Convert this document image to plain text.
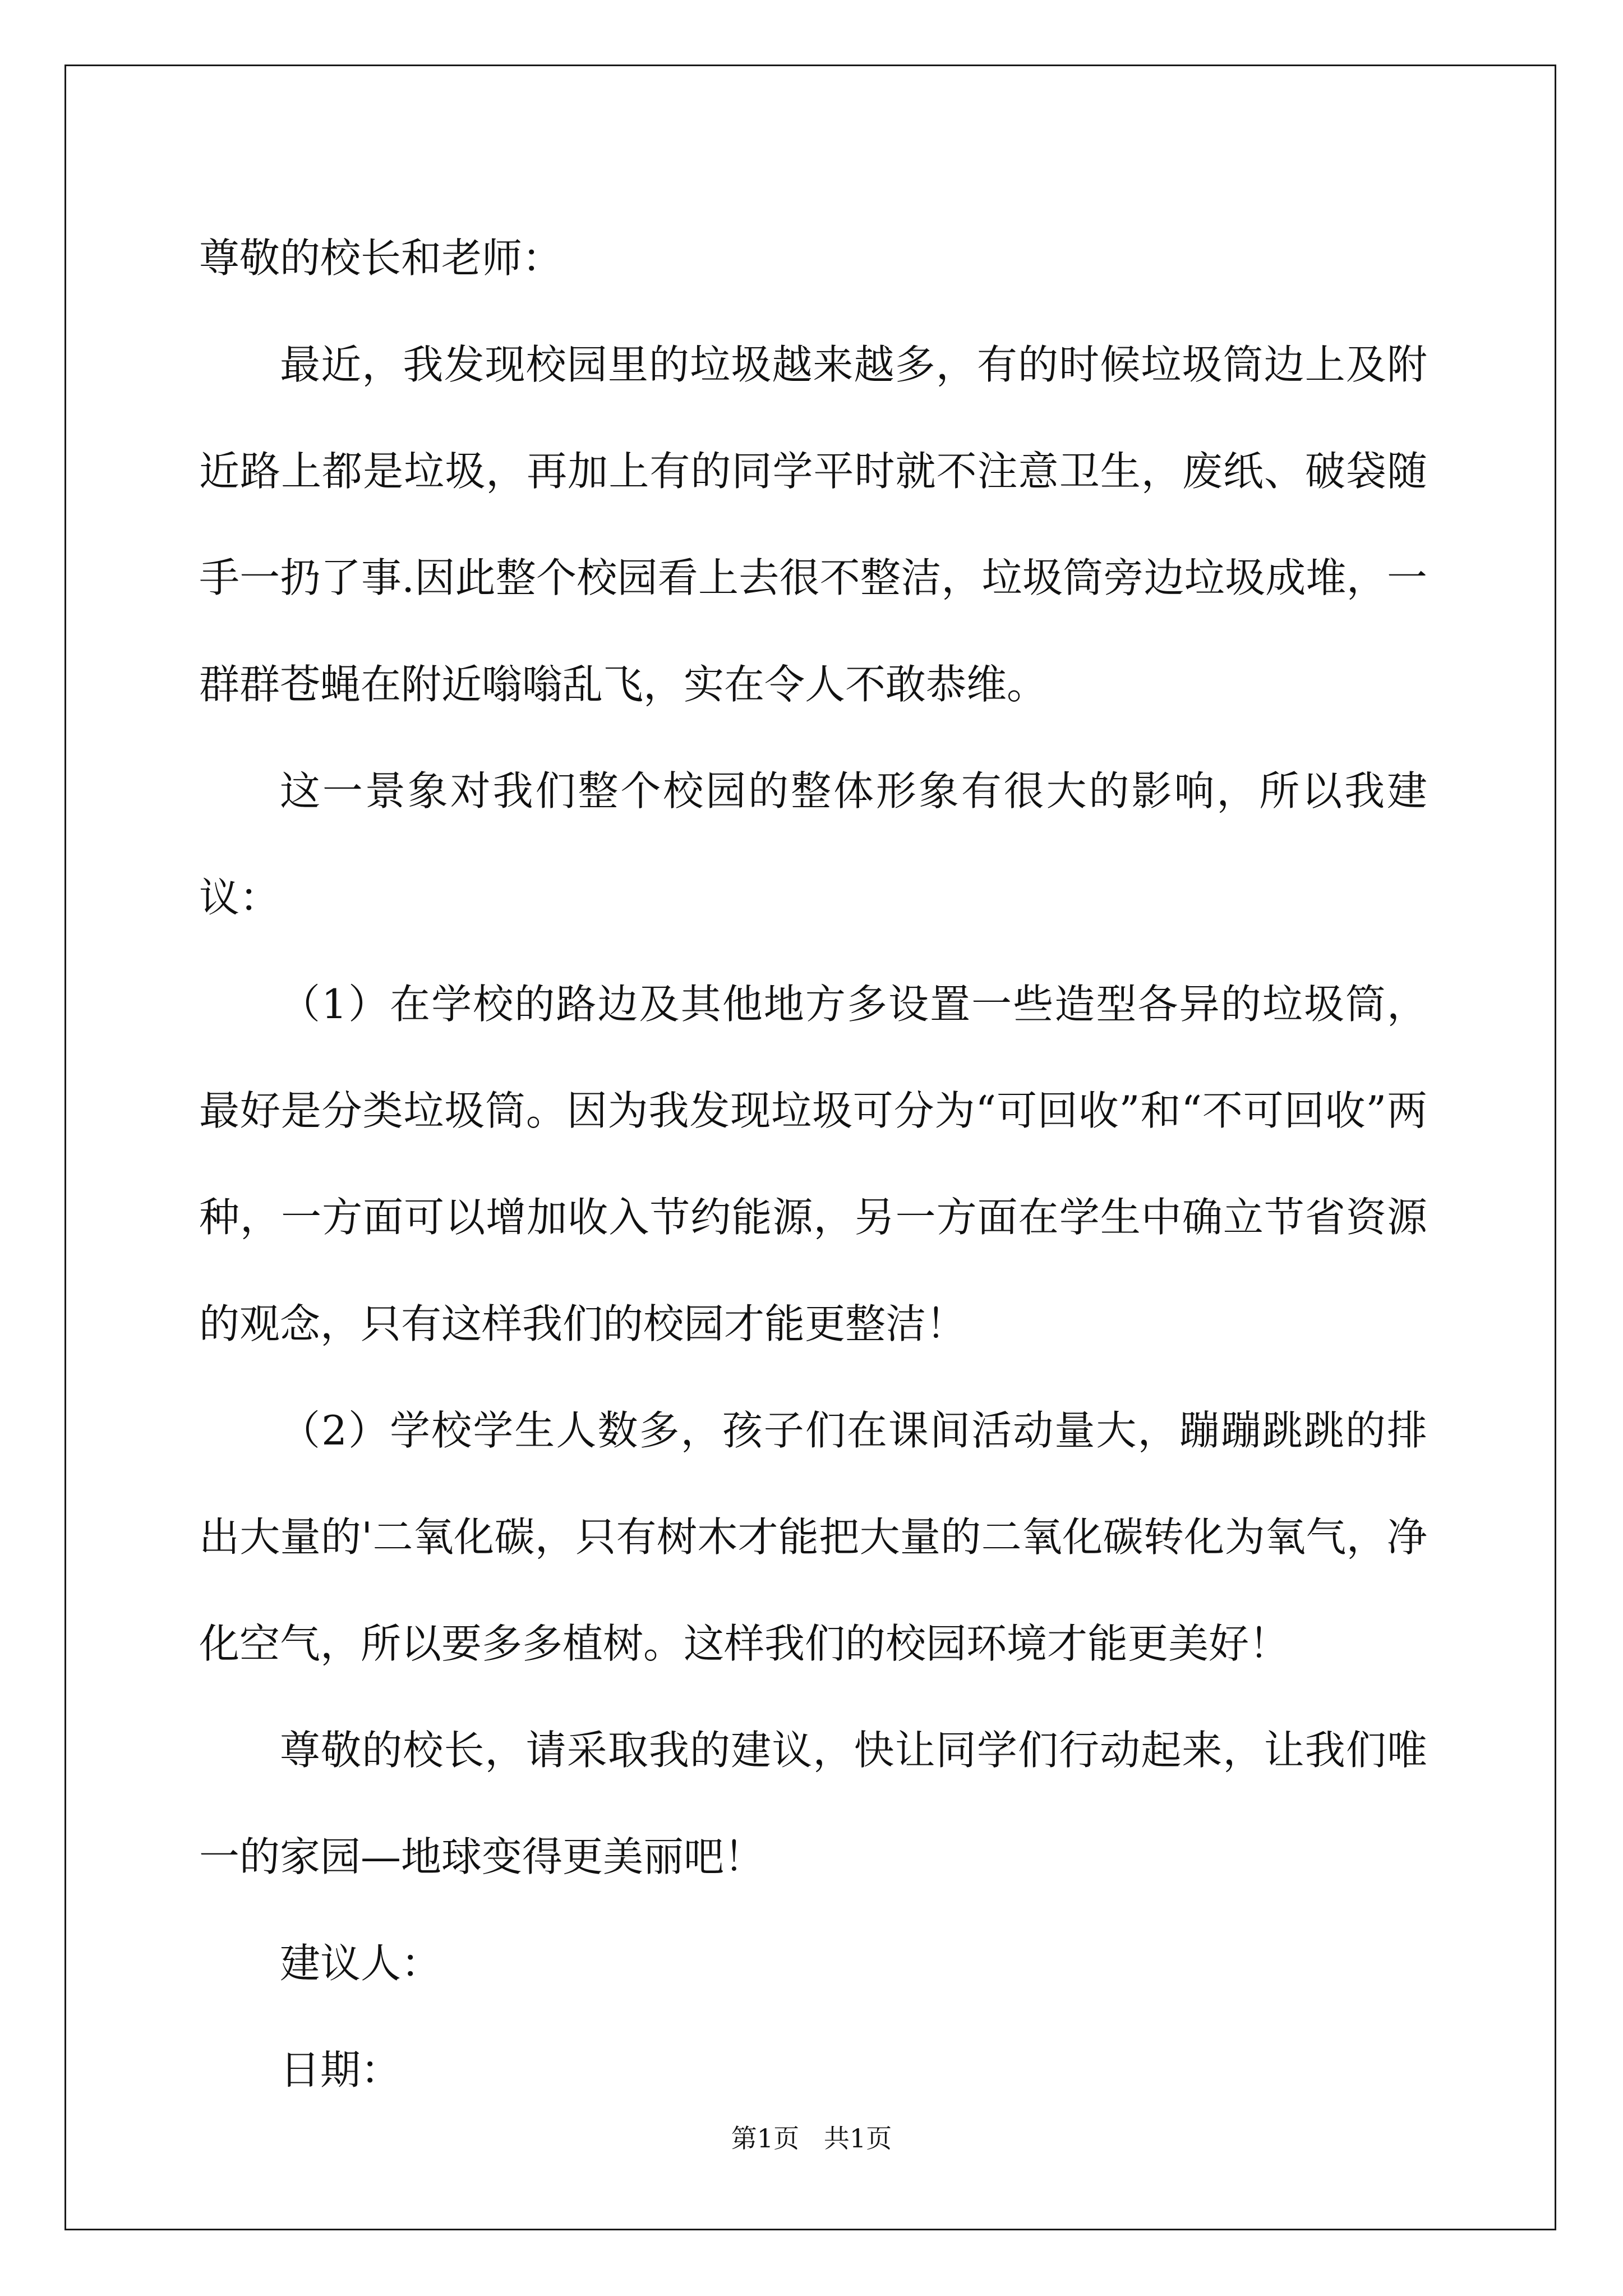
尊敬的校长和老师：

最近，我发现校园里的垃圾越来越多，有的时候垃圾筒边上及附近路上都是垃圾，再加上有的同学平时就不注意卫生，废纸、破袋随手一扔了事.因此整个校园看上去很不整洁，垃圾筒旁边垃圾成堆，一群群苍蝇在附近嗡嗡乱飞，实在令人不敢恭维。

这一景象对我们整个校园的整体形象有很大的影响，所以我建议：

（1）在学校的路边及其他地方多设置一些造型各异的垃圾筒，最好是分类垃圾筒。因为我发现垃圾可分为“可回收”和“不可回收”两种，一方面可以增加收入节约能源，另一方面在学生中确立节省资源的观念，只有这样我们的校园才能更整洁！

（2）学校学生人数多，孩子们在课间活动量大，蹦蹦跳跳的排出大量的'二氧化碳，只有树木才能把大量的二氧化碳转化为氧气，净化空气，所以要多多植树。这样我们的校园环境才能更美好！

尊敬的校长，请采取我的建议，快让同学们行动起来，让我们唯一的家园—地球变得更美丽吧！

建议人：

日期：

第1页   共1页
